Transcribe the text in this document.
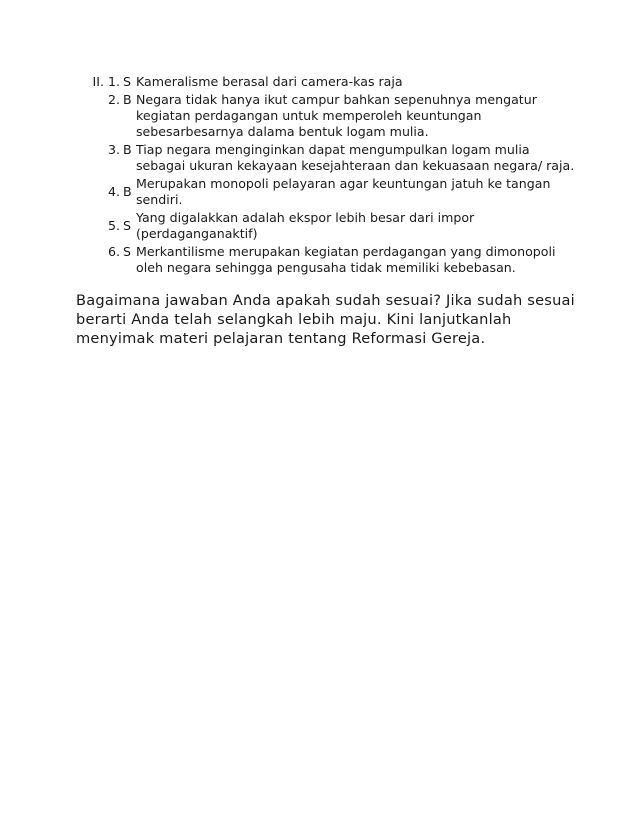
II. 1. S Kameralisme berasal dari camera-kas raja
2. B Negara tidak hanya ikut campur bahkan sepenuhnya mengatur
kegiatan perdagangan untuk memperoleh keuntungan
sebesarbesarnya dalama bentuk logam mulia.
3. B Tiap negara menginginkan dapat mengumpulkan logam mulia
sebagai ukuran kekayaan kesejahteraan dan kekuasaan negara/ raja.
4. B
Merupakan monopoli pelayaran agar keuntungan jatuh ke tangan
sendiri.
5. S
Yang digalakkan adalah ekspor lebih besar dari impor
(perdaganganaktif)
6. S Merkantilisme merupakan kegiatan perdagangan yang dimonopoli
oleh negara sehingga pengusaha tidak memiliki kebebasan.
Bagaimana jawaban Anda apakah sudah sesuai? Jika sudah sesuai
berarti Anda telah selangkah lebih maju. Kini lanjutkanlah
menyimak materi pelajaran tentang Reformasi Gereja.
